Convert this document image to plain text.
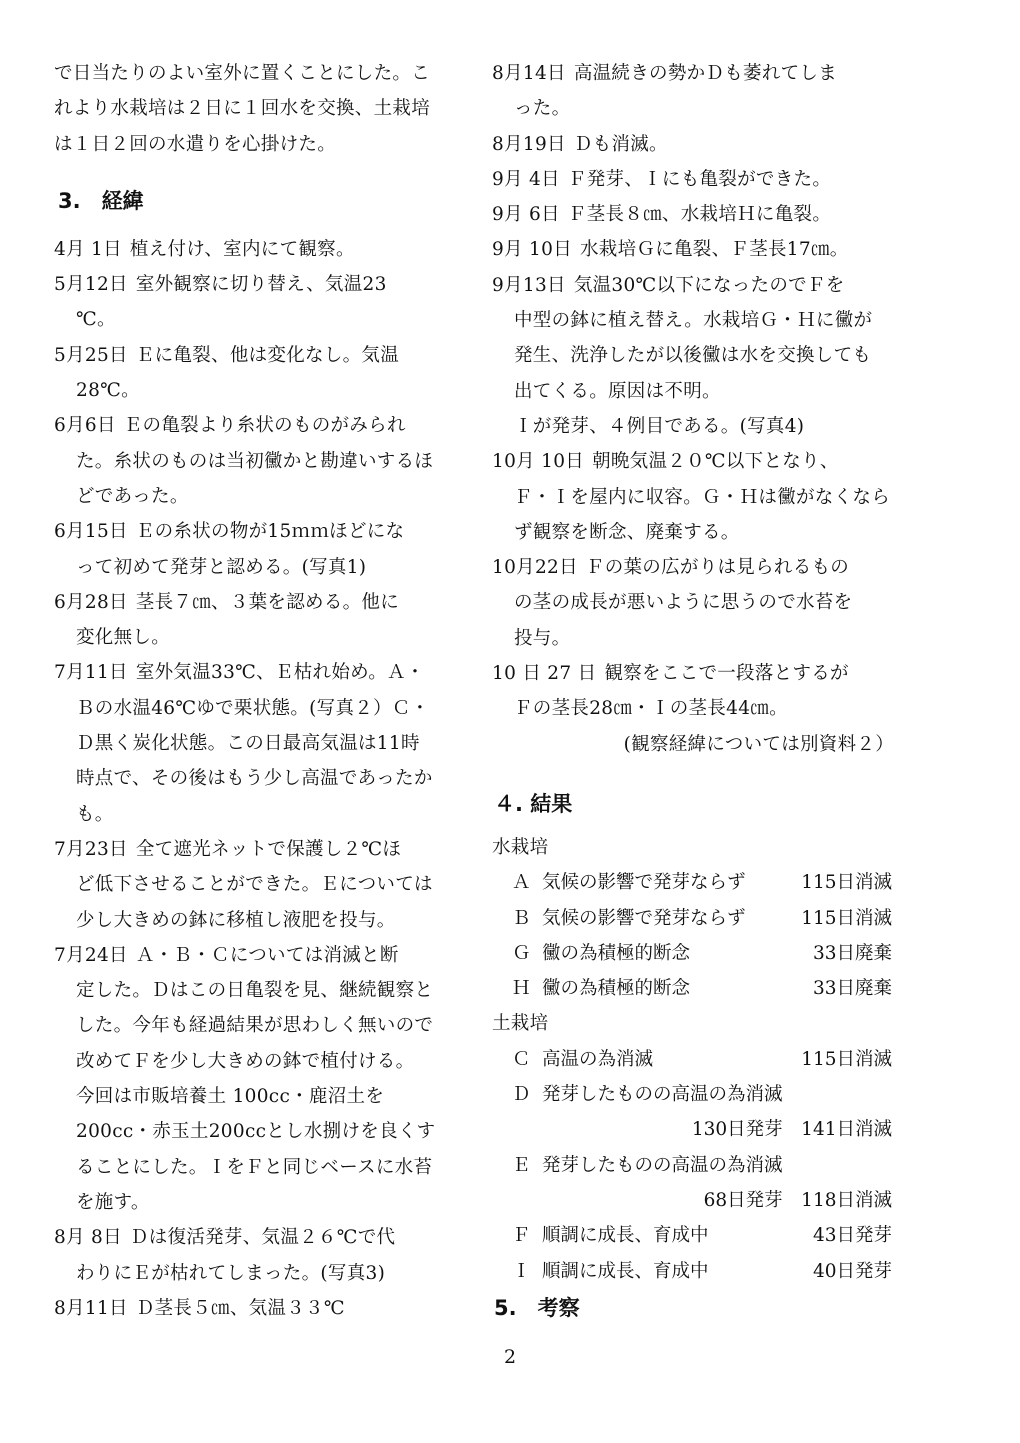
で日当たりのよい室外に置くことにした。こ

れより水栽培は２日に１回水を交換、土栽培

は１日２回の水遣りを心掛けた。

3.　経緯

4月 1日 植え付け、室内にて観察。

5月12日 室外観察に切り替え、気温23
℃。

5月25日 Ｅに亀裂、他は変化なし。気温
28℃。

6月6日 Ｅの亀裂より糸状のものがみられ
た。糸状のものは当初黴かと勘違いするほ
どであった。

6月15日 Ｅの糸状の物が15ｍｍほどにな
って初めて発芽と認める。(写真1)

6月28日 茎長７㎝、３葉を認める。他に
変化無し。

7月11日 室外気温33℃、Ｅ枯れ始め。Ａ・
Ｂの水温46℃ゆで栗状態。(写真２）Ｃ・
Ｄ黒く炭化状態。この日最高気温は11時
時点で、その後はもう少し高温であったか
も。

7月23日 全て遮光ネットで保護し２℃ほ
ど低下させることができた。Ｅについては
少し大きめの鉢に移植し液肥を投与。

7月24日 Ａ・Ｂ・Ｃについては消滅と断
定した。Ｄはこの日亀裂を見、継続観察と
した。今年も経過結果が思わしく無いので
改めてＦを少し大きめの鉢で植付ける。
今回は市販培養土 100cc・鹿沼土を
200cc・赤玉土200ccとし水捌けを良くす
ることにした。ＩをＦと同じベースに水苔
を施す。

8月 8日 Ｄは復活発芽、気温２６℃で代
わりにＥが枯れてしまった。(写真3)

8月11日 Ｄ茎長５㎝、気温３３℃

8月14日 高温続きの勢かＤも萎れてしま
った。

8月19日 Ｄも消滅。

9月 4日 Ｆ発芽、Ｉにも亀裂ができた。

9月 6日 Ｆ茎長８㎝、水栽培Ｈに亀裂。

9月 10日 水栽培Ｇに亀裂、Ｆ茎長17㎝。

9月13日 気温30℃以下になったのでＦを
中型の鉢に植え替え。水栽培Ｇ・Ｈに黴が
発生、洗浄したが以後黴は水を交換しても
出てくる。原因は不明。
Ｉが発芽、４例目である。(写真4)

10月 10日 朝晩気温２０℃以下となり、
Ｆ・Ｉを屋内に収容。Ｇ・Ｈは黴がなくなら
ず観察を断念、廃棄する。

10月22日 Ｆの葉の広がりは見られるもの
の茎の成長が悪いように思うので水苔を
投与。

10 日 27 日 観察をここで一段落とするが
Ｆの茎長28㎝・Ｉの茎長44㎝。

(観察経緯については別資料２）

４. 結果

水栽培

Ａ 気候の影響で発芽ならず	115日消滅
Ｂ 気候の影響で発芽ならず	115日消滅
Ｇ 黴の為積極的断念	33日廃棄
Ｈ 黴の為積極的断念	33日廃棄

土栽培

Ｃ 高温の為消滅	115日消滅
Ｄ 発芽したものの高温の為消滅
130日発芽　141日消滅
Ｅ 発芽したものの高温の為消滅
68日発芽　118日消滅
Ｆ 順調に成長、育成中	43日発芽
Ｉ 順調に成長、育成中	40日発芽
5.　考察
2
